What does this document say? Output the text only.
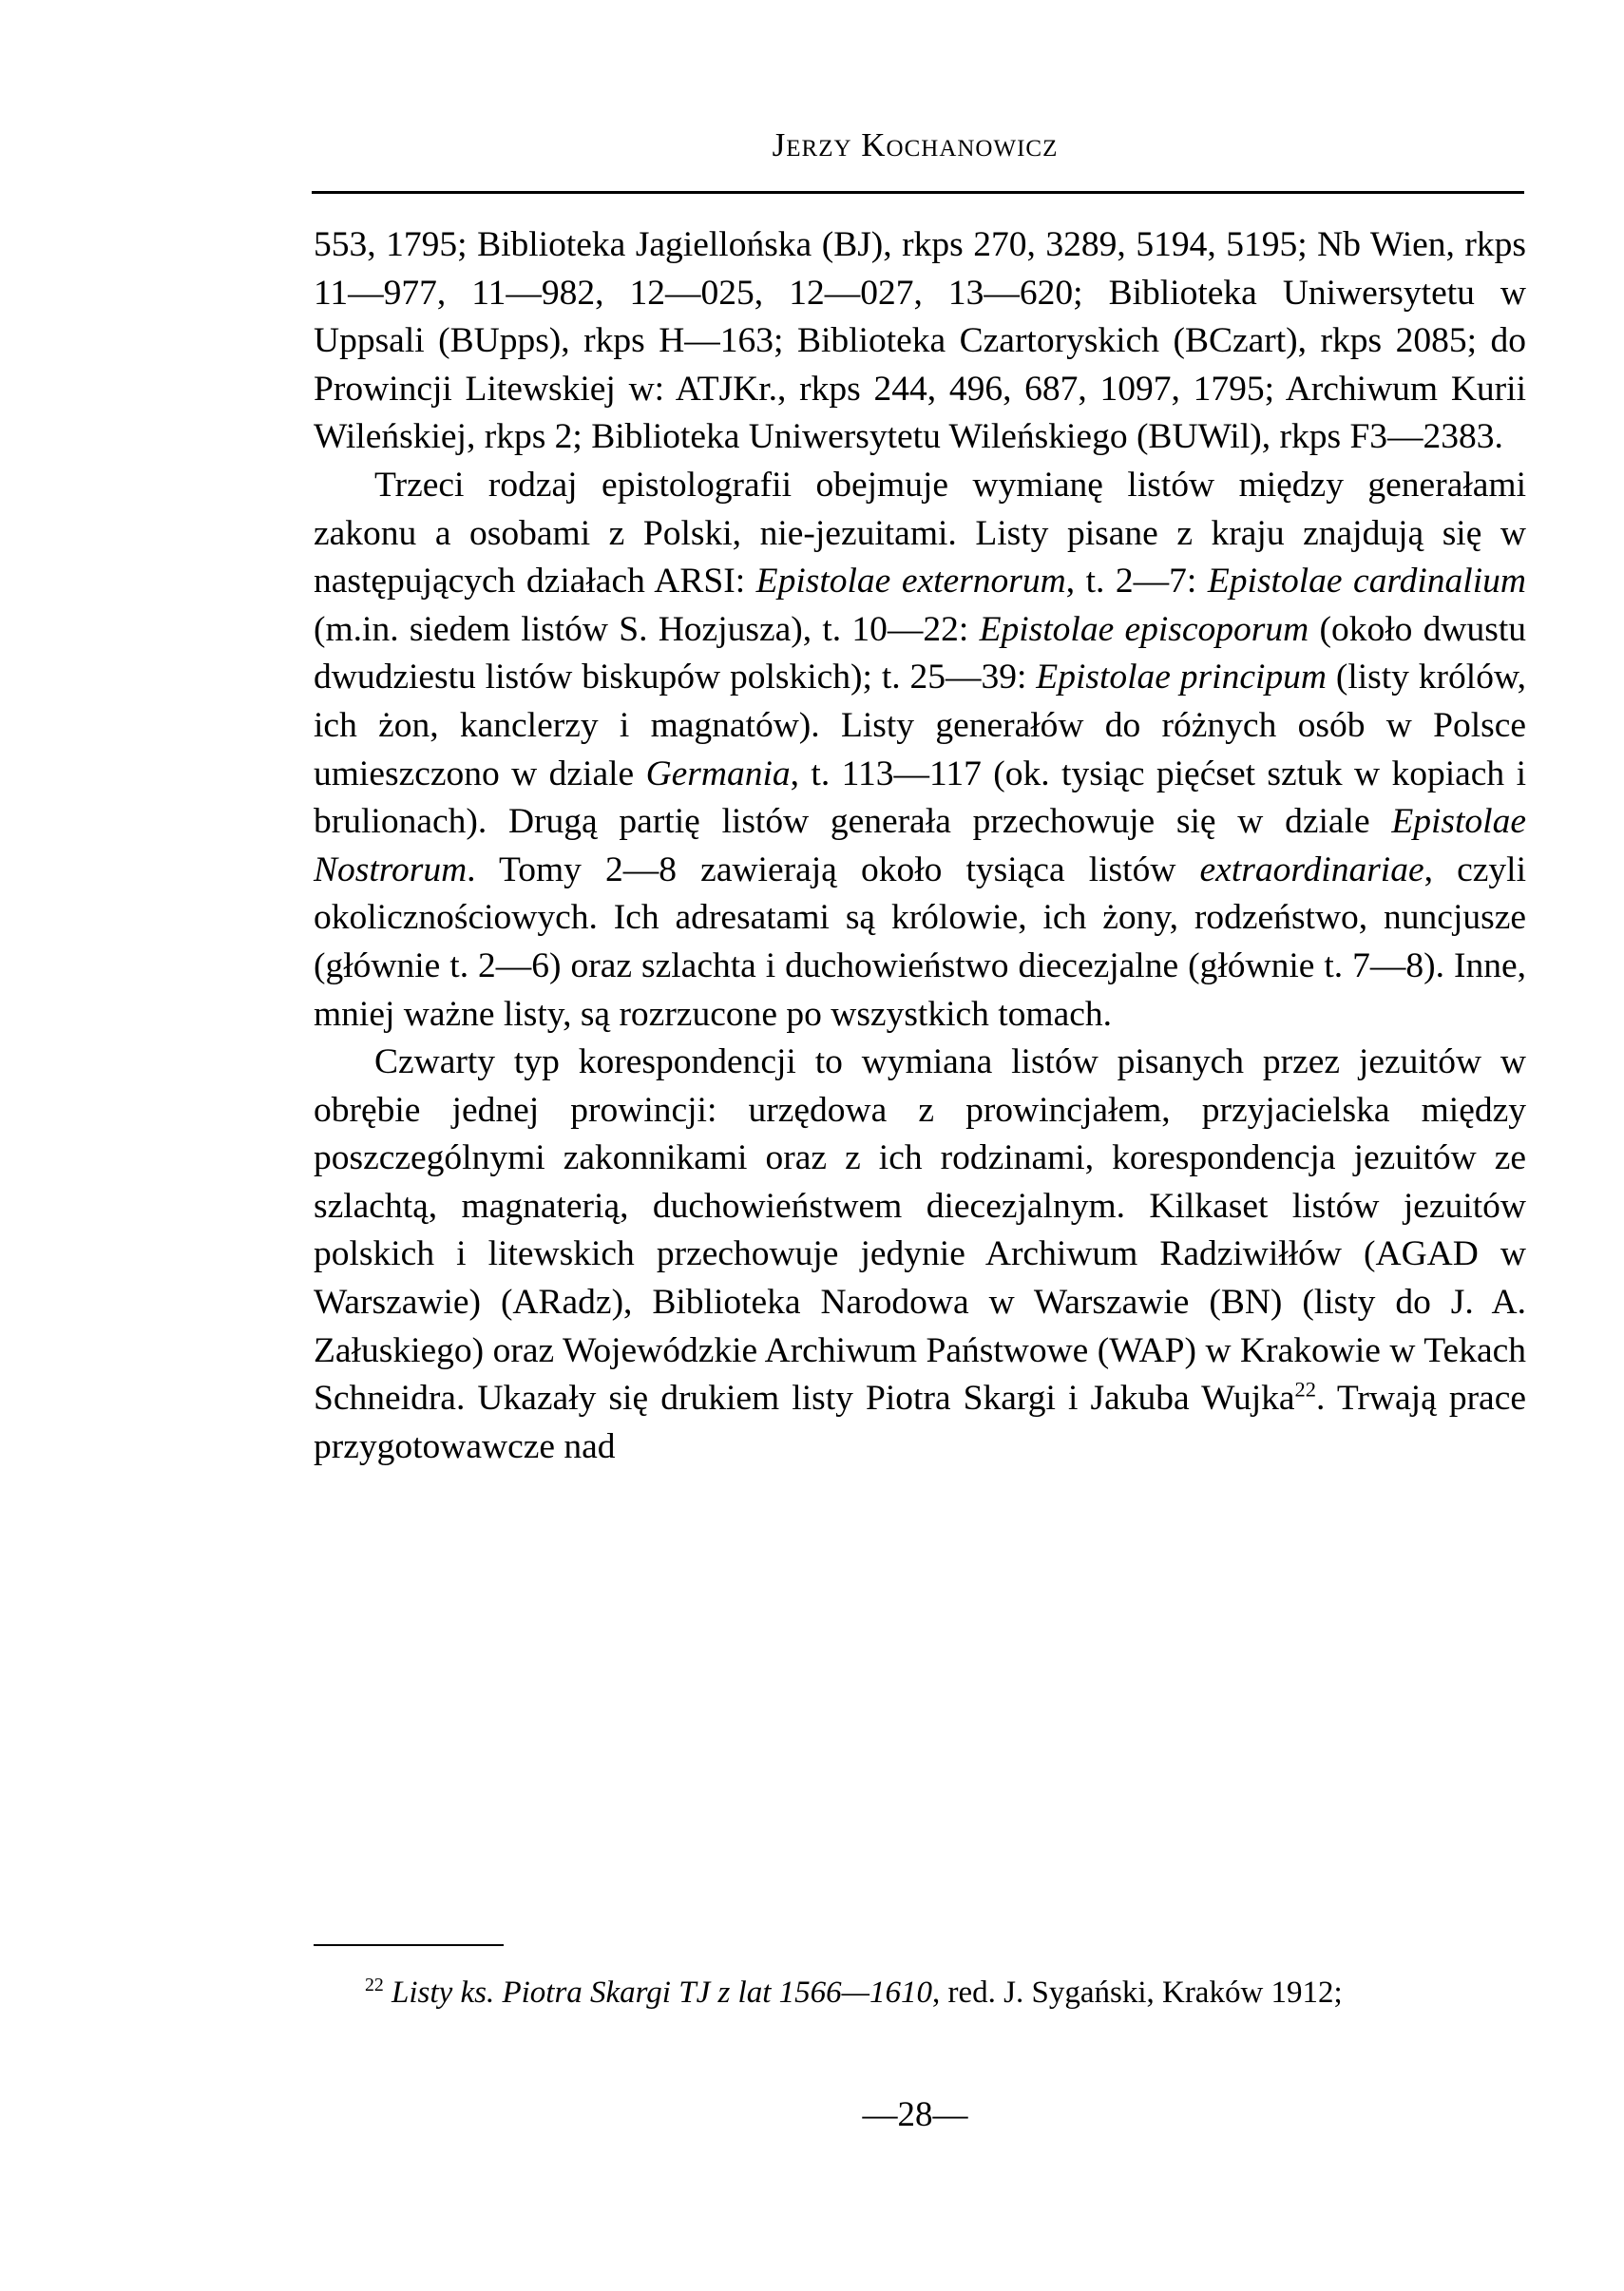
Jerzy Kochanowicz

553, 1795; Biblioteka Jagiellońska (BJ), rkps 270, 3289, 5194, 5195; Nb Wien, rkps 11—977, 11—982, 12—025, 12—027, 13—620; Biblioteka Uniwersytetu w Uppsali (BUpps), rkps H—163; Biblioteka Czartoryskich (BCzart), rkps 2085; do Prowincji Litewskiej w: ATJKr., rkps 244, 496, 687, 1097, 1795; Archiwum Kurii Wileńskiej, rkps 2; Biblioteka Uniwersytetu Wileńskiego (BUWil), rkps F3—2383.

Trzeci rodzaj epistolografii obejmuje wymianę listów między generałami zakonu a osobami z Polski, nie-jezuitami. Listy pisane z kraju znajdują się w następujących działach ARSI: Epistolae externorum, t. 2—7: Epistolae cardinalium (m.in. siedem listów S. Hozjusza), t. 10—22: Epistolae episcoporum (około dwustu dwudziestu listów biskupów polskich); t. 25—39: Epistolae principum (listy królów, ich żon, kanclerzy i magnatów). Listy generałów do różnych osób w Polsce umieszczono w dziale Germania, t. 113—117 (ok. tysiąc pięćset sztuk w kopiach i brulionach). Drugą partię listów generała przechowuje się w dziale Epistolae Nostrorum. Tomy 2—8 zawierają około tysiąca listów extraordinariae, czyli okolicznościowych. Ich adresatami są królowie, ich żony, rodzeństwo, nuncjusze (głównie t. 2—6) oraz szlachta i duchowieństwo diecezjalne (głównie t. 7—8). Inne, mniej ważne listy, są rozrzucone po wszystkich tomach.

Czwarty typ korespondencji to wymiana listów pisanych przez jezuitów w obrębie jednej prowincji: urzędowa z prowincjałem, przyjacielska między poszczególnymi zakonnikami oraz z ich rodzinami, korespondencja jezuitów ze szlachtą, magnaterią, duchowieństwem diecezjalnym. Kilkaset listów jezuitów polskich i litewskich przechowuje jedynie Archiwum Radziwiłłów (AGAD w Warszawie) (ARadz), Biblioteka Narodowa w Warszawie (BN) (listy do J. A. Załuskiego) oraz Wojewódzkie Archiwum Państwowe (WAP) w Krakowie w Tekach Schneidra. Ukazały się drukiem listy Piotra Skargi i Jakuba Wujka$^{22}$. Trwają prace przygotowawcze nad

$^{22}$ Listy ks. Piotra Skargi TJ z lat 1566—1610, red. J. Sygański, Kraków 1912;
—28—
